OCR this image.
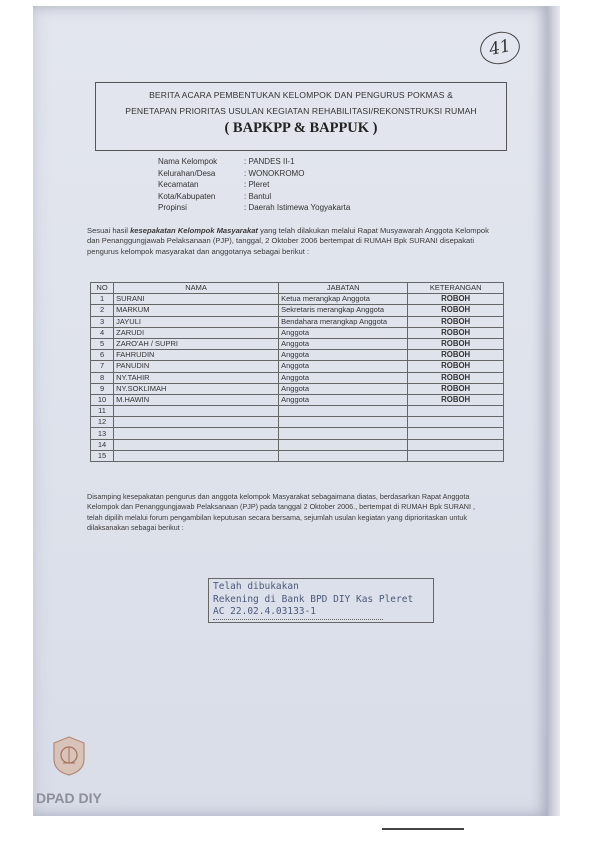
41
BERITA ACARA PEMBENTUKAN KELOMPOK DAN PENGURUS POKMAS &
PENETAPAN PRIORITAS USULAN KEGIATAN REHABILITASI/REKONSTRUKSI RUMAH
( BAPKPP & BAPPUK )
Nama Kelompok	: PANDES II-1
Kelurahan/Desa	: WONOKROMO
Kecamatan	: Pleret
Kota/Kabupaten	: Bantul
Propinsi	: Daerah Istimewa Yogyakarta
Sesuai hasil kesepakatan Kelompok Masyarakat yang telah dilakukan melalui Rapat Musyawarah Anggota Kelompok
dan Penanggungjawab Pelaksanaan (PJP), tanggal, 2 Oktober 2006 bertempat di RUMAH Bpk SURANI disepakati
pengurus kelompok masyarakat dan anggotanya sebagai berikut :
NO	NAMA	JABATAN	KETERANGAN
1	SURANI	Ketua merangkap Anggota	ROBOH
2	MARKUM	Sekretaris merangkap Anggota	ROBOH
3	JAYULI	Bendahara merangkap Anggota	ROBOH
4	ZARUDI	Anggota	ROBOH
5	ZARO'AH / SUPRI	Anggota	ROBOH
6	FAHRUDIN	Anggota	ROBOH
7	PANUDIN	Anggota	ROBOH
8	NY.TAHIR	Anggota	ROBOH
9	NY.SOKLIMAH	Anggota	ROBOH
10	M.HAWIN	Anggota	ROBOH
11			
12			
13			
14			
15			
Disamping kesepakatan pengurus dan anggota kelompok Masyarakat sebagaimana diatas, berdasarkan Rapat Anggota
Kelompok dan Penanggungjawab Pelaksanaan (PJP) pada tanggal 2 Oktober 2006., bertempat di RUMAH Bpk SURANI ,
telah dipilih melalui forum pengambilan keputusan secara bersama, sejumlah usulan kegiatan yang diprioritaskan untuk
dilaksanakan sebagai berikut :
Telah dibukakan
Rekening di Bank BPD DIY Kas Pleret
AC 22.02.4.03133-1
DPAD DIY
